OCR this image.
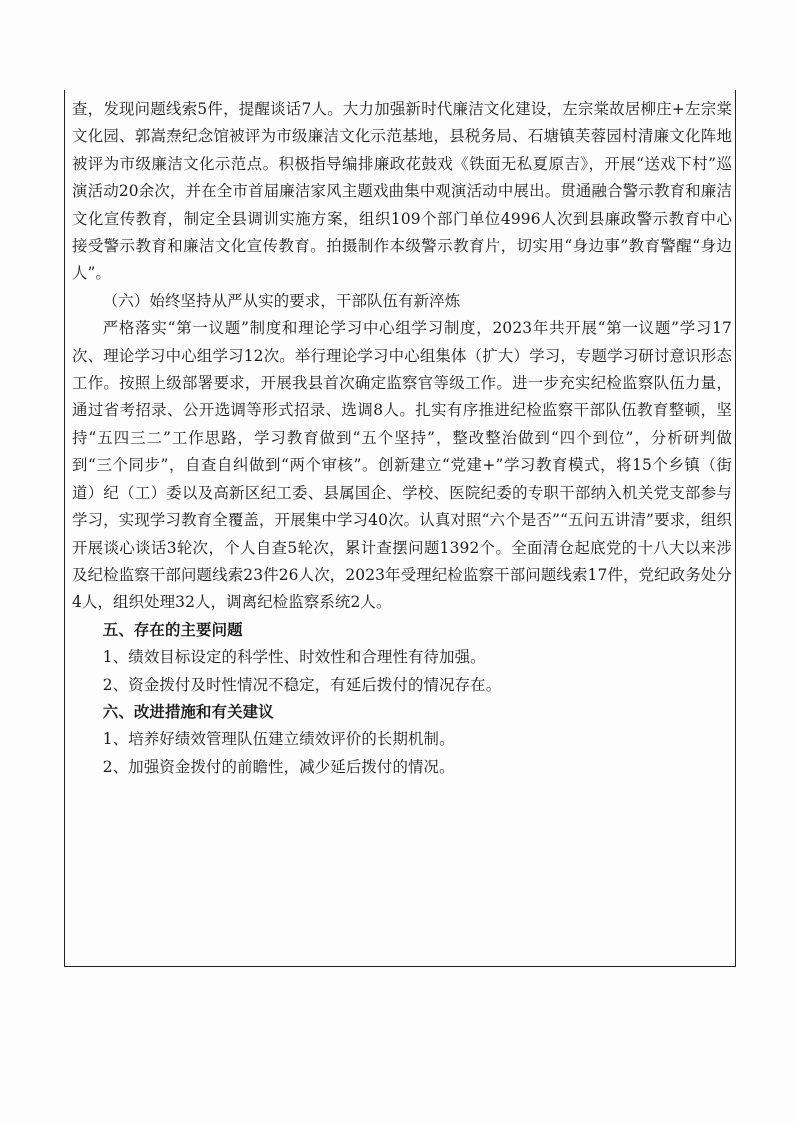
查，发现问题线索5件，提醒谈话7人。大力加强新时代廉洁文化建设，左宗棠故居柳庄+左宗棠文化园、郭嵩焘纪念馆被评为市级廉洁文化示范基地，县税务局、石塘镇芙蓉园村清廉文化阵地被评为市级廉洁文化示范点。积极指导编排廉政花鼓戏《铁面无私夏原吉》，开展“送戏下村”巡演活动20余次，并在全市首届廉洁家风主题戏曲集中观演活动中展出。贯通融合警示教育和廉洁文化宣传教育，制定全县调训实施方案，组织109个部门单位4996人次到县廉政警示教育中心接受警示教育和廉洁文化宣传教育。拍摄制作本级警示教育片，切实用“身边事”教育警醒“身边人”。

（六）始终坚持从严从实的要求，干部队伍有新淬炼

严格落实“第一议题”制度和理论学习中心组学习制度，2023年共开展“第一议题”学习17次、理论学习中心组学习12次。举行理论学习中心组集体（扩大）学习，专题学习研讨意识形态工作。按照上级部署要求，开展我县首次确定监察官等级工作。进一步充实纪检监察队伍力量，通过省考招录、公开选调等形式招录、选调8人。扎实有序推进纪检监察干部队伍教育整顿，坚持“五四三二”工作思路，学习教育做到“五个坚持”，整改整治做到“四个到位”，分析研判做到“三个同步”，自查自纠做到“两个审核”。创新建立“党建+”学习教育模式，将15个乡镇（街道）纪（工）委以及高新区纪工委、县属国企、学校、医院纪委的专职干部纳入机关党支部参与学习，实现学习教育全覆盖，开展集中学习40次。认真对照“六个是否”“五问五讲清”要求，组织开展谈心谈话3轮次，个人自查5轮次，累计查摆问题1392个。全面清仓起底党的十八大以来涉及纪检监察干部问题线索23件26人次，2023年受理纪检监察干部问题线索17件，党纪政务处分4人，组织处理32人，调离纪检监察系统2人。

五、存在的主要问题

1、绩效目标设定的科学性、时效性和合理性有待加强。

2、资金拨付及时性情况不稳定，有延后拨付的情况存在。

六、改进措施和有关建议

1、培养好绩效管理队伍建立绩效评价的长期机制。

2、加强资金拨付的前瞻性，减少延后拨付的情况。
